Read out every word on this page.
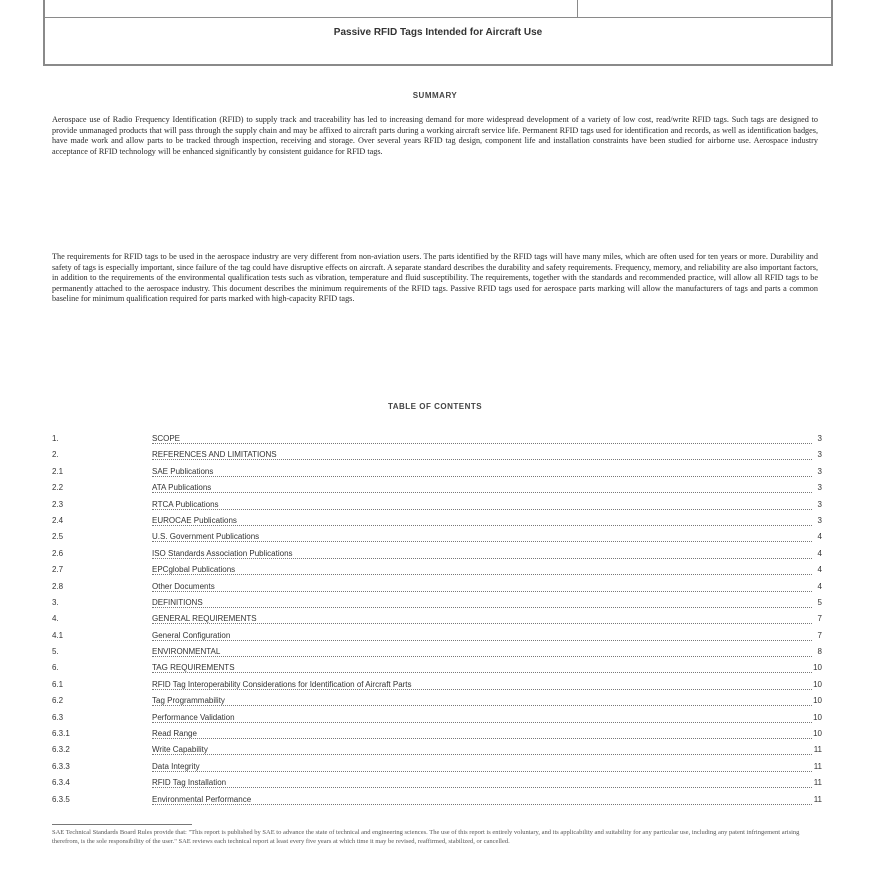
Passive RFID Tags Intended for Aircraft Use
SUMMARY

Aerospace use of Radio Frequency Identification (RFID) to supply track and traceability has led to increasing demand for more widespread development of a variety of low cost, read/write RFID tags. Such tags are designed to provide unmanaged products that will pass through the supply chain and may be affixed to aircraft parts during a working aircraft service life. Permanent RFID tags used for identification and records, as well as identification badges, have made work and allow parts to be tracked through inspection, receiving and storage. Over several years RFID tag design, component life and installation constraints have been studied for airborne use. Aerospace industry acceptance of RFID technology will be enhanced significantly by consistent guidance for RFID tags.

The requirements for RFID tags to be used in the aerospace industry are very different from non-aviation users. The parts identified by the RFID tags will have many miles, which are often used for ten years or more. Durability and safety of tags is especially important, since failure of the tag could have disruptive effects on aircraft. A separate standard describes the durability and safety requirements. Frequency, memory, and reliability are also important factors, in addition to the requirements of the environmental qualification tests such as vibration, temperature and fluid susceptibility. The requirements, together with the standards and recommended practice, will allow all RFID tags to be permanently attached to the aerospace industry. This document describes the minimum requirements of the RFID tags. Passive RFID tags used for aerospace parts marking will allow the manufacturers of tags and parts a common baseline for minimum qualification required for parts marked with high-capacity RFID tags.

TABLE OF CONTENTS
1.	SCOPE	3
2.	REFERENCES AND LIMITATIONS	3
2.1	SAE Publications	3
2.2	ATA Publications	3
2.3	RTCA Publications	3
2.4	EUROCAE Publications	3
2.5	U.S. Government Publications	4
2.6	ISO Standards Association Publications	4
2.7	EPCglobal Publications	4
2.8	Other Documents	4
3.	DEFINITIONS	5
4.	GENERAL REQUIREMENTS	7
4.1	General Configuration	7
5.	ENVIRONMENTAL	8
6.	TAG REQUIREMENTS	10
6.1	RFID Tag Interoperability Considerations for Identification of Aircraft Parts	10
6.2	Tag Programmability	10
6.3	Performance Validation	10
6.3.1	Read Range	10
6.3.2	Write Capability	11
6.3.3	Data Integrity	11
6.3.4	RFID Tag Installation	11
6.3.5	Environmental Performance	11

SAE Technical Standards Board Rules provide that: "This report is published by SAE to advance the state of technical and engineering sciences. The use of this report is entirely voluntary, and its applicability and suitability for any particular use, including any patent infringement arising therefrom, is the sole responsibility of the user." SAE reviews each technical report at least every five years at which time it may be revised, reaffirmed, stabilized, or cancelled.
